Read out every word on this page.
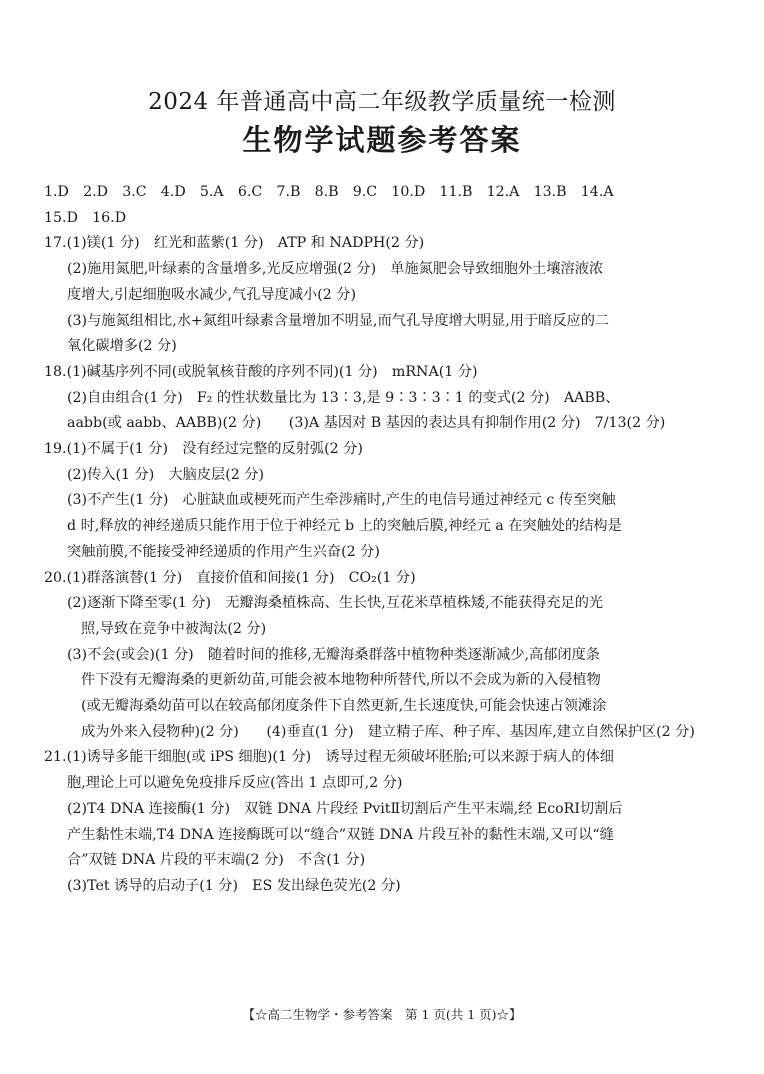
2024 年普通高中高二年级教学质量统一检测
生物学试题参考答案
1.D　2.D　3.C　4.D　5.A　6.C　7.B　8.B　9.C　10.D　11.B　12.A　13.B　14.A
15.D　16.D
17.(1)镁(1 分)　红光和蓝紫(1 分)　ATP 和 NADPH(2 分)
(2)施用氮肥,叶绿素的含量增多,光反应增强(2 分)　单施氮肥会导致细胞外土壤溶液浓 度增大,引起细胞吸水减少,气孔导度减小(2 分) (3)与施氮组相比,水+氮组叶绿素含量增加不明显,而气孔导度增大明显,用于暗反应的二 氧化碳增多(2 分)
18.(1)碱基序列不同(或脱氧核苷酸的序列不同)(1 分)　mRNA(1 分)
(2)自由组合(1 分)　F₂ 的性状数量比为 13∶3,是 9∶3∶3∶1 的变式(2 分)　AABB、 aabb(或 aabb、AABB)(2 分) (3)A 基因对 B 基因的表达具有抑制作用(2 分)　7/13(2 分)
19.(1)不属于(1 分)　没有经过完整的反射弧(2 分)
(2)传入(1 分)　大脑皮层(2 分) (3)不产生(1 分)　心脏缺血或梗死而产生牵涉痛时,产生的电信号通过神经元 c 传至突触 d 时,释放的神经递质只能作用于位于神经元 b 上的突触后膜,神经元 a 在突触处的结构是 突触前膜,不能接受神经递质的作用产生兴奋(2 分)
20.(1)群落演替(1 分)　直接价值和间接(1 分)　CO₂(1 分)
(2)逐渐下降至零(1 分)　无瓣海桑植株高、生长快,互花米草植株矮,不能获得充足的光 照,导致在竞争中被淘汰(2 分) (3)不会(或会)(1 分)　随着时间的推移,无瓣海桑群落中植物种类逐渐减少,高郁闭度条 件下没有无瓣海桑的更新幼苗,可能会被本地物种所替代,所以不会成为新的入侵植物 (或无瓣海桑幼苗可以在较高郁闭度条件下自然更新,生长速度快,可能会快速占领滩涂 成为外来入侵物种)(2 分) (4)垂直(1 分)　建立精子库、种子库、基因库,建立自然保护区(2 分)
21.(1)诱导多能干细胞(或 iPS 细胞)(1 分)　诱导过程无须破坏胚胎;可以来源于病人的体细
胞,理论上可以避免免疫排斥反应(答出 1 点即可,2 分) (2)T4 DNA 连接酶(1 分)　双链 DNA 片段经 PvitⅡ切割后产生平末端,经 EcoRⅠ切割后 产生黏性末端,T4 DNA 连接酶既可以“缝合”双链 DNA 片段互补的黏性末端,又可以“缝 合”双链 DNA 片段的平末端(2 分)　不含(1 分) (3)Tet 诱导的启动子(1 分)　ES 发出绿色荧光(2 分)
【☆高二生物学・参考答案　第 1 页(共 1 页)☆】
